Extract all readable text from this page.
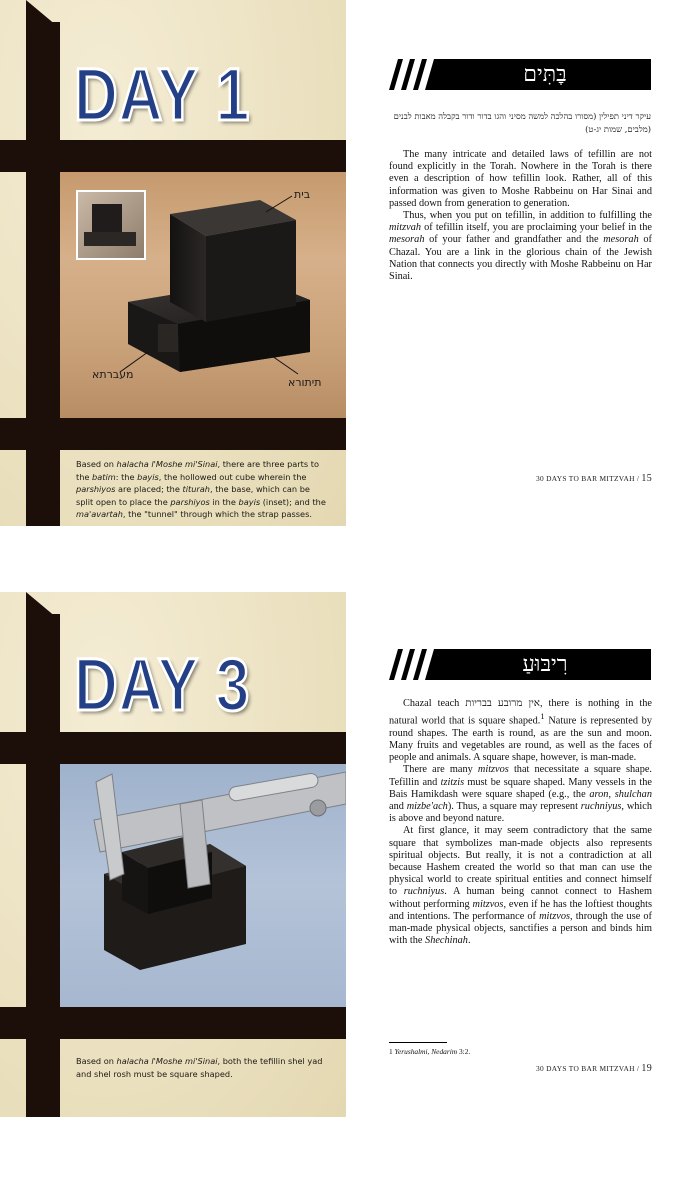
DAY 1
בית
מעברתא
תיתורא
Based on halacha l'Moshe mi'Sinai, there are three parts to the batim: the bayis, the hollowed out cube wherein the parshiyos are placed; the titurah, the base, which can be split open to place the parshiyos in the bayis (inset); and the ma'avartah, the "tunnel" through which the strap passes.
בׇּתִּים
עיקר דיני תפילין (מסורו בהלכה למשה מסיני והגו בדור ודור בקבלה מאבות לבנים (מלבים, שמות יג-ט)

The many intricate and detailed laws of tefillin are not found explicitly in the Torah. Nowhere in the Torah is there even a description of how tefillin look. Rather, all of this information was given to Moshe Rabbeinu on Har Sinai and passed down from generation to generation.

Thus, when you put on tefillin, in addition to fulfilling the mitzvah of tefillin itself, you are proclaiming your belief in the mesorah of your father and grandfather and the mesorah of Chazal. You are a link in the glorious chain of the Jewish Nation that connects you directly with Moshe Rabbeinu on Har Sinai.

30 DAYS TO BAR MITZVAH / 15
DAY 3
Based on halacha l'Moshe mi'Sinai, both the tefillin shel yad and shel rosh must be square shaped.
רִיבּוּעַ

Chazal teach אין מרובע בבריות, there is nothing in the natural world that is square shaped.$^1$ Nature is represented by round shapes. The earth is round, as are the sun and moon. Many fruits and vegetables are round, as well as the faces of people and animals. A square shape, however, is man-made.

There are many mitzvos that necessitate a square shape. Tefillin and tzitzis must be square shaped. Many vessels in the Bais Hamikdash were square shaped (e.g., the aron, shulchan and mizbe'ach). Thus, a square may represent ruchniyus, which is above and beyond nature.

At first glance, it may seem contradictory that the same square that symbolizes man-made objects also represents spiritual objects. But really, it is not a contradiction at all because Hashem created the world so that man can use the physical world to create spiritual entities and connect himself to ruchniyus. A human being cannot connect to Hashem without performing mitzvos, even if he has the loftiest thoughts and intentions. The performance of mitzvos, through the use of man-made physical objects, sanctifies a person and binds him with the Shechinah.

1 Yerushalmi, Nedarim 3:2.
30 DAYS TO BAR MITZVAH / 19
